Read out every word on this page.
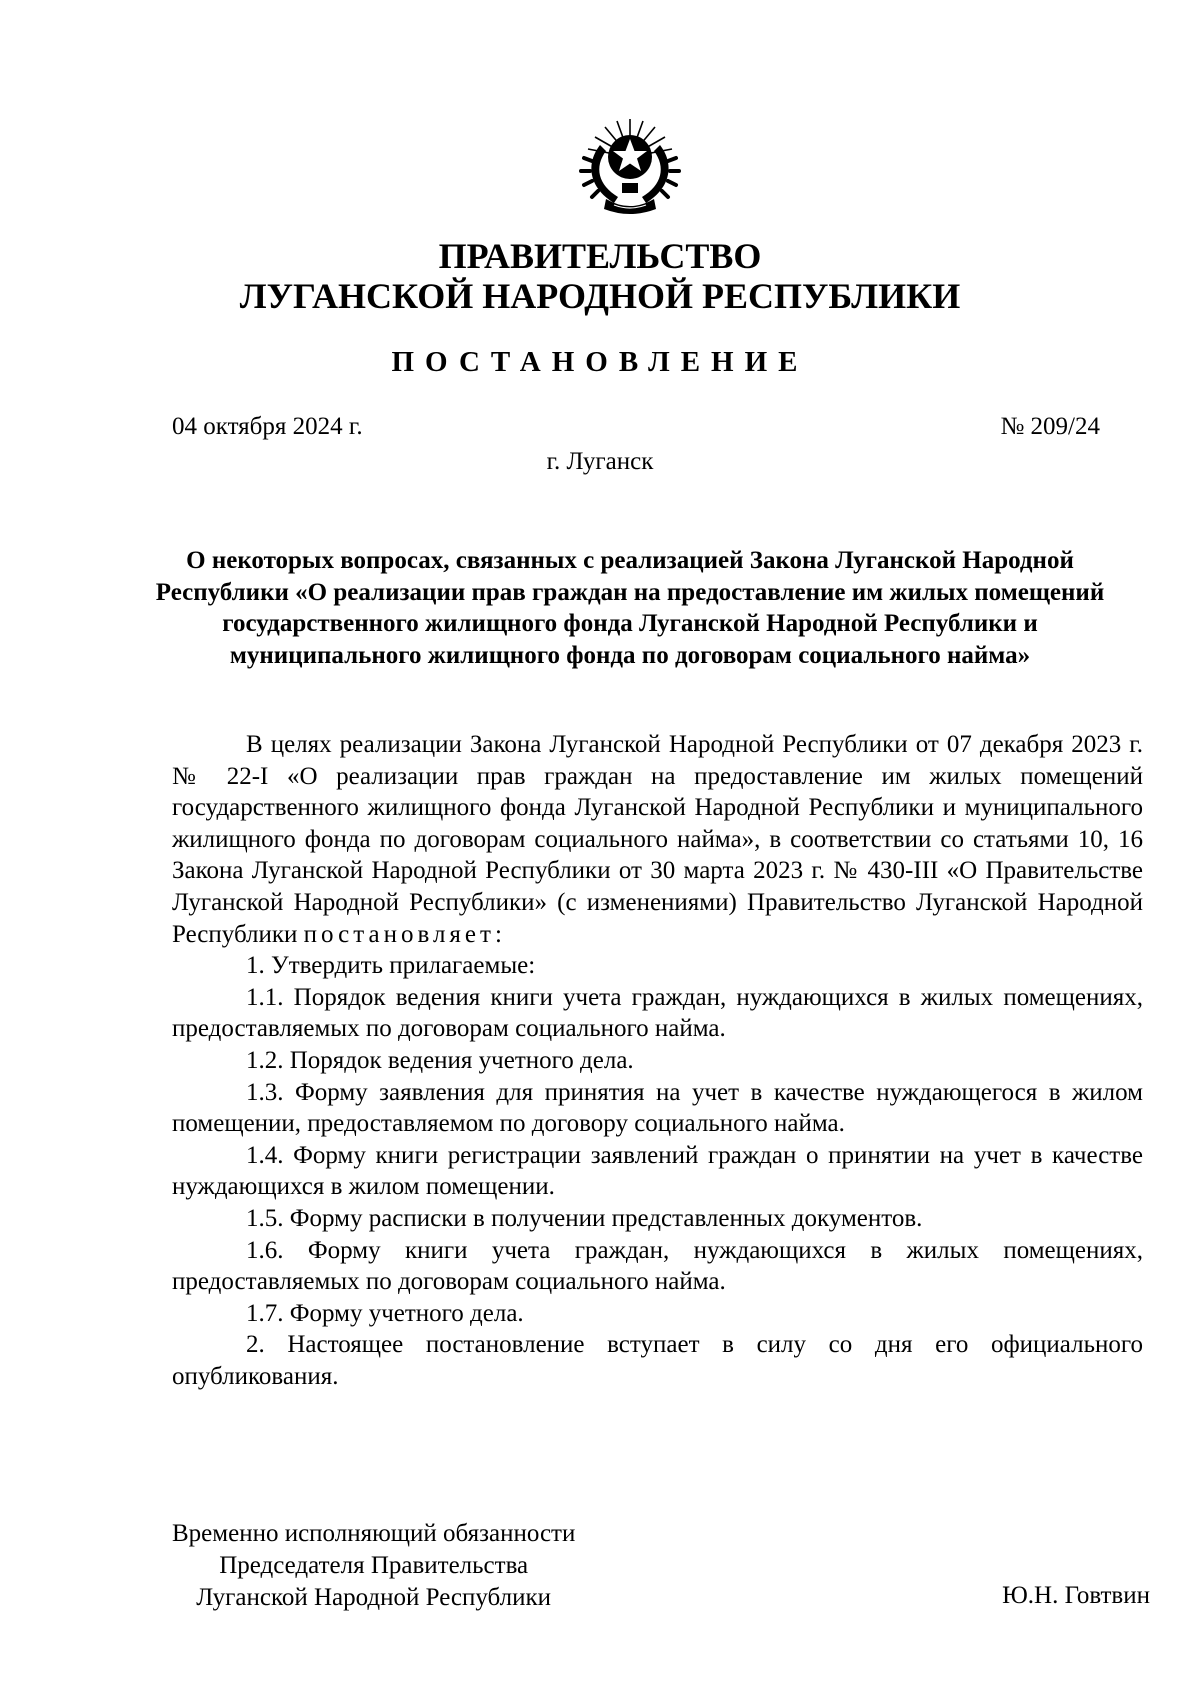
ПРАВИТЕЛЬСТВО
ЛУГАНСКОЙ НАРОДНОЙ РЕСПУБЛИКИ
ПОСТАНОВЛЕНИЕ
04 октября 2024 г.	№ 209/24
г. Луганск
О некоторых вопросах, связанных с реализацией Закона Луганской Народной Республики «О реализации прав граждан на предоставление им жилых помещений государственного жилищного фонда Луганской Народной Республики и муниципального жилищного фонда по договорам социального найма»

В целях реализации Закона Луганской Народной Республики от 07 декабря 2023 г. № 22-I «О реализации прав граждан на предоставление им жилых помещений государственного жилищного фонда Луганской Народной Республики и муниципального жилищного фонда по договорам социального найма», в соответствии со статьями 10, 16 Закона Луганской Народной Республики от 30 марта 2023 г. № 430-III «О Правительстве Луганской Народной Республики» (с изменениями) Правительство Луганской Народной Республики постановляет:

1. Утвердить прилагаемые:

1.1. Порядок ведения книги учета граждан, нуждающихся в жилых помещениях, предоставляемых по договорам социального найма.

1.2. Порядок ведения учетного дела.

1.3. Форму заявления для принятия на учет в качестве нуждающегося в жилом помещении, предоставляемом по договору социального найма.

1.4. Форму книги регистрации заявлений граждан о принятии на учет в качестве нуждающихся в жилом помещении.

1.5. Форму расписки в получении представленных документов.

1.6. Форму книги учета граждан, нуждающихся в жилых помещениях, предоставляемых по договорам социального найма.

1.7. Форму учетного дела.

2. Настоящее постановление вступает в силу со дня его официального опубликования.

Временно исполняющий обязанности
Председателя Правительства
Луганской Народной Республики	Ю.Н. Говтвин
